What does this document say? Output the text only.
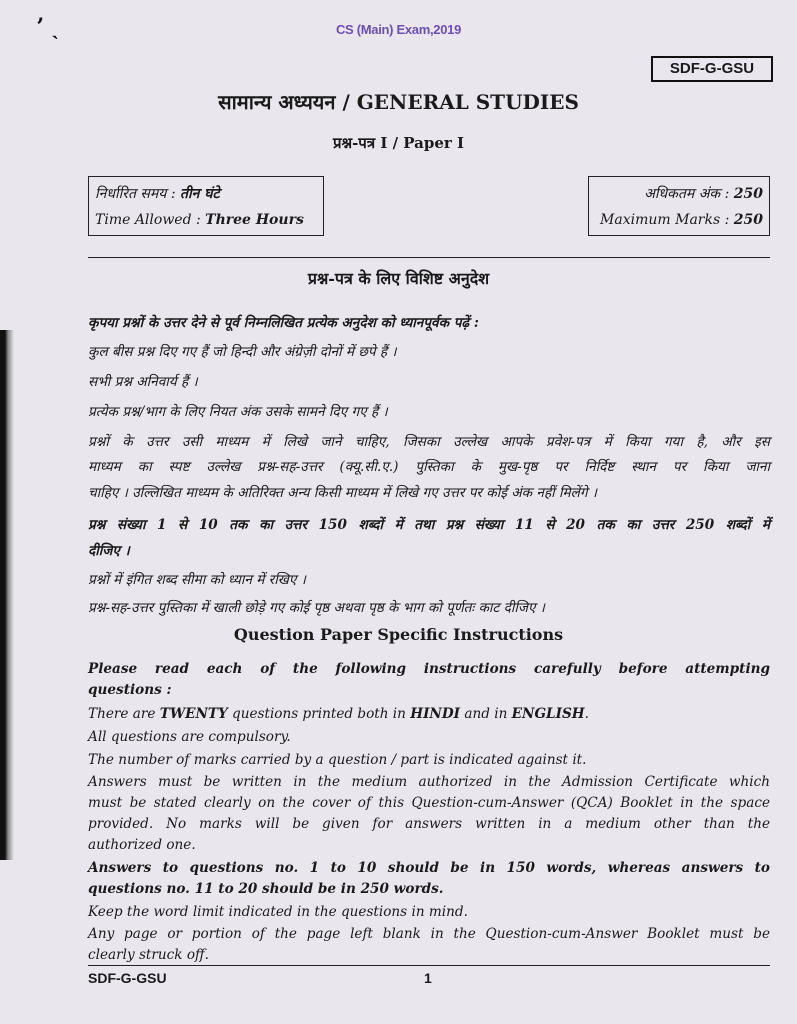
ʼ ˎ	CS (Main) Exam,2019
SDF-G-GSU
सामान्य अध्ययन / GENERAL STUDIES
प्रश्न-पत्र I / Paper I
निर्धारित समय : तीन घंटे
Time Allowed : Three Hours
अधिकतम अंक : 250
Maximum Marks : 250
प्रश्न-पत्र के लिए विशिष्ट अनुदेश
कृपया प्रश्नों के उत्तर देने से पूर्व निम्नलिखित प्रत्येक अनुदेश को ध्यानपूर्वक पढ़ें :
कुल बीस प्रश्न दिए गए हैं जो हिन्दी और अंग्रेज़ी दोनों में छपे हैं ।
सभी प्रश्न अनिवार्य हैं ।
प्रत्येक प्रश्न/भाग के लिए नियत अंक उसके सामने दिए गए हैं ।
प्रश्नों के उत्तर उसी माध्यम में लिखे जाने चाहिए, जिसका उल्लेख आपके प्रवेश-पत्र में किया गया है, और इस
माध्यम का स्पष्ट उल्लेख प्रश्न-सह-उत्तर (क्यू.सी.ए.) पुस्तिका के मुख-पृष्ठ पर निर्दिष्ट स्थान पर किया जाना
चाहिए । उल्लिखित माध्यम के अतिरिक्त अन्य किसी माध्यम में लिखे गए उत्तर पर कोई अंक नहीं मिलेंगे ।
प्रश्न संख्या 1 से 10 तक का उत्तर 150 शब्दों में तथा प्रश्न संख्या 11 से 20 तक का उत्तर 250 शब्दों में
दीजिए ।
प्रश्नों में इंगित शब्द सीमा को ध्यान में रखिए ।
प्रश्न-सह-उत्तर पुस्तिका में खाली छोड़े गए कोई पृष्ठ अथवा पृष्ठ के भाग को पूर्णतः काट दीजिए ।
Question Paper Specific Instructions
Please read each of the following instructions carefully before attempting
questions :
There are TWENTY questions printed both in HINDI and in ENGLISH.
All questions are compulsory.
The number of marks carried by a question / part is indicated against it.
Answers must be written in the medium authorized in the Admission Certificate which
must be stated clearly on the cover of this Question-cum-Answer (QCA) Booklet in the space
provided. No marks will be given for answers written in a medium other than the
authorized one.
Answers to questions no. 1 to 10 should be in 150 words, whereas answers to
questions no. 11 to 20 should be in 250 words.
Keep the word limit indicated in the questions in mind.
Any page or portion of the page left blank in the Question-cum-Answer Booklet must be
clearly struck off.
SDF-G-GSU	1
